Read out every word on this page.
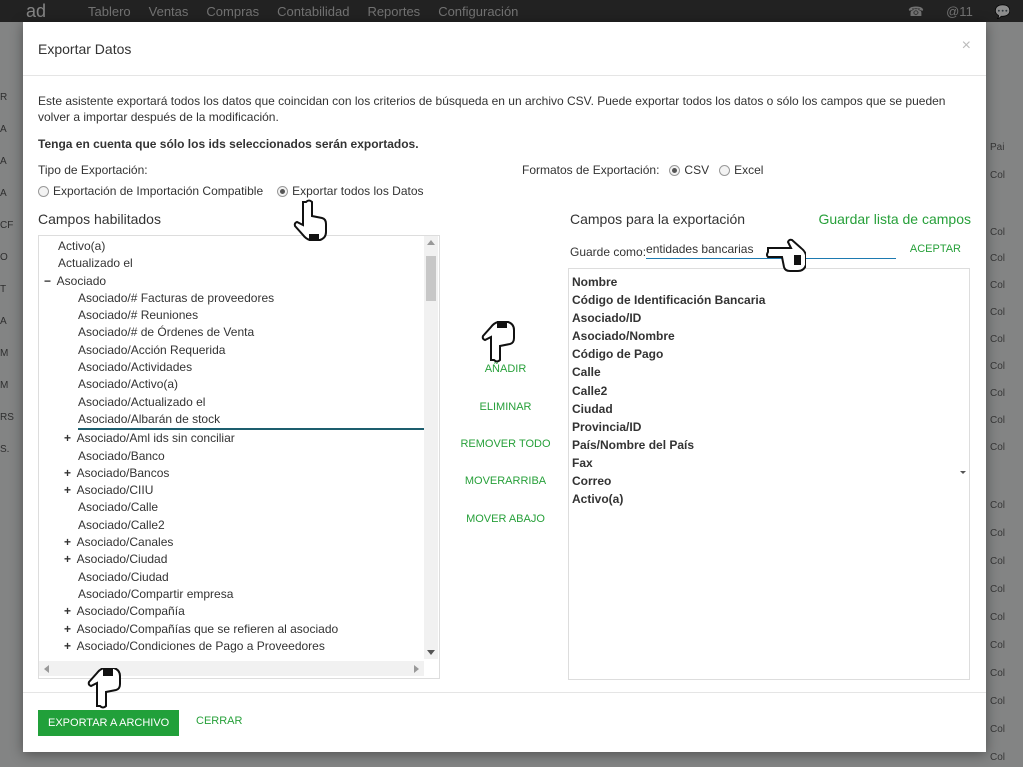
ad	Tablero Ventas Compras Contabilidad Reportes Configuración	☎ @11 💬
R
A
A
A
CF
O
T
A
M
M
RS
S.
Pai
Col
Col
Col
Col
Col
Col
Col
Col
Col
Col
Col
Col
Col
Col
Col
Col
Col
Col
Col
Col
Exportar Datos	×
Este asistente exportará todos los datos que coincidan con los criterios de búsqueda en un archivo CSV. Puede exportar todos los datos o sólo los campos que se pueden volver a importar después de la modificación.
Tenga en cuenta que sólo los ids seleccionados serán exportados.
Tipo de Exportación:
Exportación de Importación Compatible Exportar todos los Datos
Formatos de Exportación: CSV Excel
Campos habilitados
Activo(a)
Actualizado el
− Asociado
Asociado/# Facturas de proveedores
Asociado/# Reuniones
Asociado/# de Órdenes de Venta
Asociado/Acción Requerida
Asociado/Actividades
Asociado/Activo(a)
Asociado/Actualizado el
Asociado/Albarán de stock
+ Asociado/Aml ids sin conciliar
Asociado/Banco
+ Asociado/Bancos
+ Asociado/CIIU
Asociado/Calle
Asociado/Calle2
+ Asociado/Canales
+ Asociado/Ciudad
Asociado/Ciudad
Asociado/Compartir empresa
+ Asociado/Compañía
+ Asociado/Compañías que se refieren al asociado
+ Asociado/Condiciones de Pago a Proveedores
AÑADIR
ELIMINAR
REMOVER TODO
MOVERARRIBA
MOVER ABAJO
Campos para la exportación	Guardar lista de campos
Guarde como:
entidades bancarias	ACEPTAR
Nombre
Código de Identificación Bancaria
Asociado/ID
Asociado/Nombre
Código de Pago
Calle
Calle2
Ciudad
Provincia/ID
País/Nombre del País
Fax
Correo
Activo(a)
EXPORTAR A ARCHIVO	CERRAR
